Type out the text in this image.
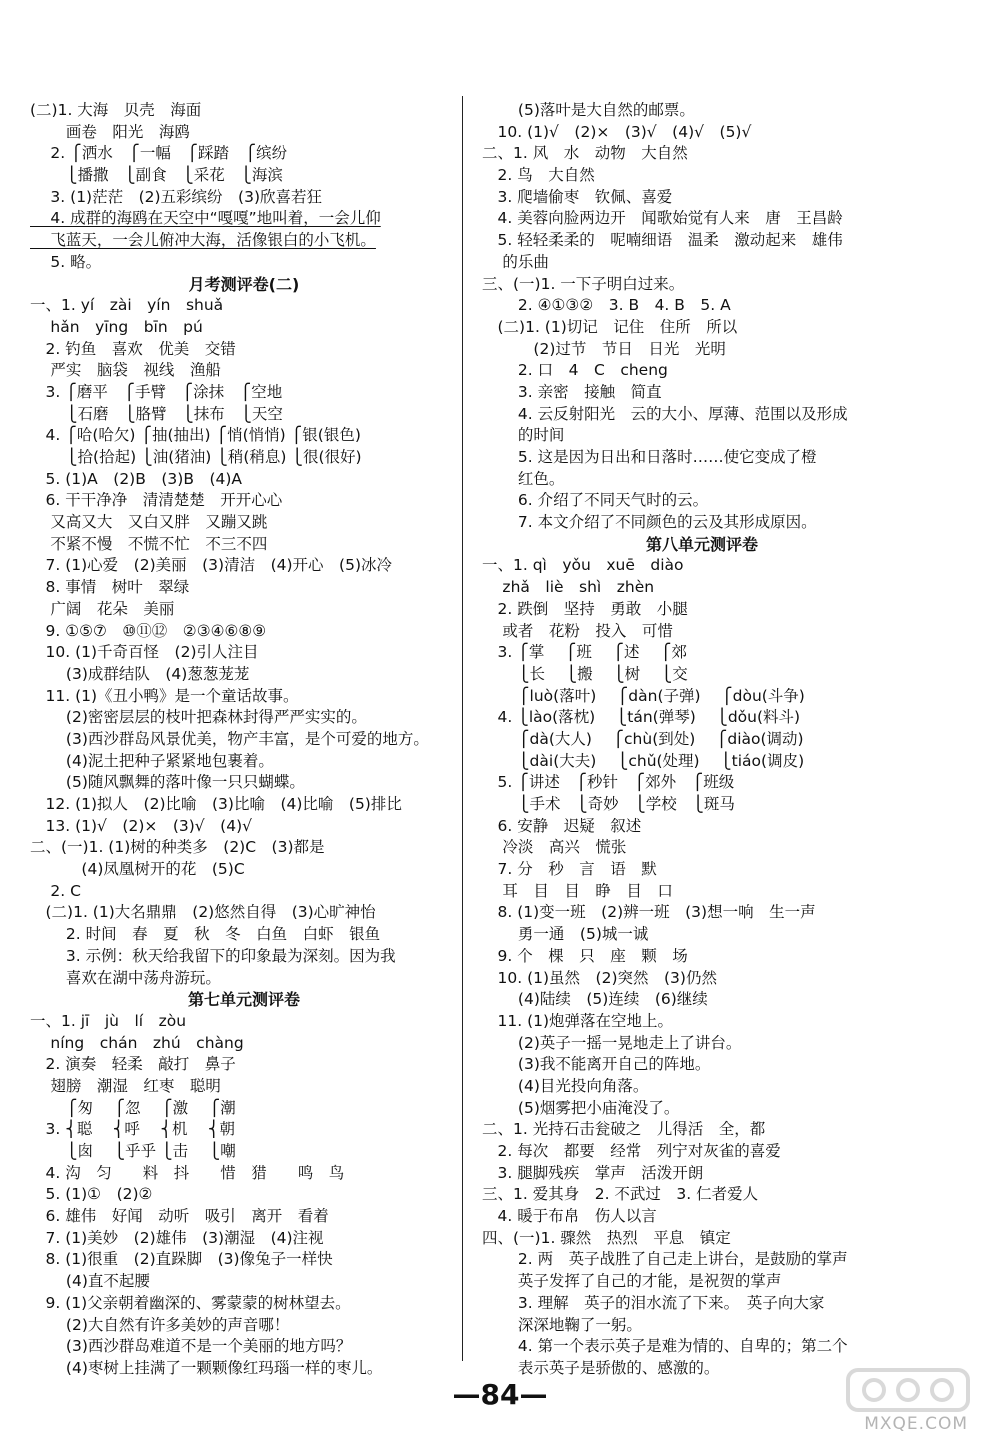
(二)1. 大海　贝壳　海面
　　 画卷　阳光　海鸥
　 2. ⎧洒水　⎧一幅　⎧踩踏　⎧缤纷
　　 ⎩播撒　⎩副食　⎩采花　⎩海滨
　 3. (1)茫茫　(2)五彩缤纷　(3)欣喜若狂
　 4. 成群的海鸥在天空中“嘎嘎”地叫着，一会儿仰
　 飞蓝天，一会儿俯冲大海，活像银白的小飞机。
　 5. 略。
月考测评卷(二)
一、1. yí　zài　yín　shuǎ
　 hǎn　yīng　bīn　pú
　2. 钓鱼　喜欢　优美　交错
　 严实　脑袋　视线　渔船
　3. ⎧磨平　⎧手臂　⎧涂抹　⎧空地
　　 ⎩石磨　⎩胳臂　⎩抹布　⎩天空
　4. ⎧哈(哈欠) ⎧抽(抽出) ⎧悄(悄悄) ⎧银(银色)
　　 ⎩拾(拾起) ⎩油(猪油) ⎩稍(稍息) ⎩很(很好)
　5. (1)A　(2)B　(3)B　(4)A
　6. 干干净净　清清楚楚　开开心心
　 又高又大　又白又胖　又蹦又跳
　 不紧不慢　不慌不忙　不三不四
　7. (1)心爱　(2)美丽　(3)清洁　(4)开心　(5)冰冷
　8. 事情　树叶　翠绿
　 广阔　花朵　美丽
　9. ①⑤⑦　⑩⑪⑫　②③④⑥⑧⑨
　10. (1)千奇百怪　(2)引人注目
　　 (3)成群结队　(4)葱葱茏茏
　11. (1)《丑小鸭》是一个童话故事。
　　 (2)密密层层的枝叶把森林封得严严实实的。
　　 (3)西沙群岛风景优美，物产丰富，是个可爱的地方。
　　 (4)泥土把种子紧紧地包裹着。
　　 (5)随风飘舞的落叶像一只只蝴蝶。
　12. (1)拟人　(2)比喻　(3)比喻　(4)比喻　(5)排比
　13. (1)√　(2)×　(3)√　(4)√
二、(一)1. (1)树的种类多　(2)C　(3)都是
　　　 (4)凤凰树开的花　(5)C
　 2. C
　(二)1. (1)大名鼎鼎　(2)悠然自得　(3)心旷神怡
　　 2. 时间　春　夏　秋　冬　白鱼　白虾　银鱼
　　 3. 示例：秋天给我留下的印象最为深刻。因为我
　　 喜欢在湖中荡舟游玩。
第七单元测评卷
一、1. jī　jù　lí　zòu
　 níng　chán　zhú　chàng
　2. 演奏　轻柔　敲打　鼻子
　 翅膀　潮湿　红枣　聪明
　　 ⎧匆　 ⎧忽　 ⎧激　 ⎧潮
　3. ⎨聪　 ⎨呼　 ⎨机　 ⎨朝
　　 ⎩囱　 ⎩乎乎 ⎩击　 ⎩嘲
　4. 沟　匀　　料　抖　　惜　猎　　鸣　鸟
　5. (1)①　(2)②
　6. 雄伟　好闻　动听　吸引　离开　看着
　7. (1)美妙　(2)雄伟　(3)潮湿　(4)注视
　8. (1)很重　(2)直跺脚　(3)像兔子一样快
　　 (4)直不起腰
　9. (1)父亲朝着幽深的、雾蒙蒙的树林望去。
　　 (2)大自然有许多美妙的声音哪！
　　 (3)西沙群岛难道不是一个美丽的地方吗？
　　 (4)枣树上挂满了一颗颗像红玛瑙一样的枣儿。
　　 (5)落叶是大自然的邮票。
　10. (1)√　(2)×　(3)√　(4)√　(5)√
二、1. 风　水　动物　大自然
　2. 鸟　大自然
　3. 爬墙偷枣　钦佩、喜爱
　4. 美蓉向脸两边开　闻歌始觉有人来　唐　王昌龄
　5. 轻轻柔柔的　呢喃细语　温柔　激动起来　雄伟
　 的乐曲
三、(一)1. 一下子明白过来。
　　 2. ④①③②　3. B　4. B　5. A
　(二)1. (1)切记　记住　住所　所以
　　　 (2)过节　节日　日光　光明
　　 2. 口　4　C　cheng
　　 3. 亲密　接触　简直
　　 4. 云反射阳光　云的大小、厚薄、范围以及形成
　　 的时间
　　 5. 这是因为日出和日落时……使它变成了橙
　　 红色。
　　 6. 介绍了不同天气时的云。
　　 7. 本文介绍了不同颜色的云及其形成原因。
第八单元测评卷
一、1. qì　yǒu　xuē　diào
　 zhǎ　liè　shì　zhèn
　2. 跌倒　坚持　勇敢　小腿
　 或者　花粉　投入　可惜
　3. ⎧掌　 ⎧班　 ⎧述　 ⎧郊
　　 ⎩长　 ⎩搬　 ⎩树　 ⎩交
　　 ⎧luò(落叶)　 ⎧dàn(子弹)　 ⎧dòu(斗争)
　4. ⎩lào(落枕)　 ⎩tán(弹琴)　 ⎩dǒu(料斗)
　　 ⎧dà(大人)　 ⎧chù(到处)　 ⎧diào(调动)
　　 ⎩dài(大夫)　 ⎩chǔ(处理)　 ⎩tiáo(调皮)
　5. ⎧讲述　⎧秒针　⎧郊外　⎧班级
　　 ⎩手术　⎩奇妙　⎩学校　⎩斑马
　6. 安静　迟疑　叙述
　 冷淡　高兴　慌张
　7. 分　秒　言　语　默
　 耳　目　目　睁　目　口
　8. (1)变一班　(2)辨一班　(3)想一响　生一声
　　 勇一通　(5)城一诚
　9. 个　棵　只　座　颗　场
　10. (1)虽然　(2)突然　(3)仍然
　　 (4)陆续　(5)连续　(6)继续
　11. (1)炮弹落在空地上。
　　 (2)英子一摇一晃地走上了讲台。
　　 (3)我不能离开自己的阵地。
　　 (4)目光投向角落。
　　 (5)烟雾把小庙淹没了。
二、1. 光持石击瓮破之　儿得活　全，都
　2. 每次　都要　经常　列宁对灰雀的喜爱
　3. 腿脚残疾　掌声　活泼开朗
三、1. 爱其身　2. 不武过　3. 仁者爱人
　4. 暖于布帛　伤人以言
四、(一)1. 骤然　热烈　平息　镇定
　　 2. 两　英子战胜了自己走上讲台，是鼓励的掌声
　　 英子发挥了自己的才能，是祝贺的掌声
　　 3. 理解　英子的泪水流了下来。　英子向大家
　　 深深地鞠了一躬。
　　 4. 第一个表示英子是难为情的、自卑的；第二个
　　 表示英子是骄傲的、感激的。
—84—
MXQE.COM
